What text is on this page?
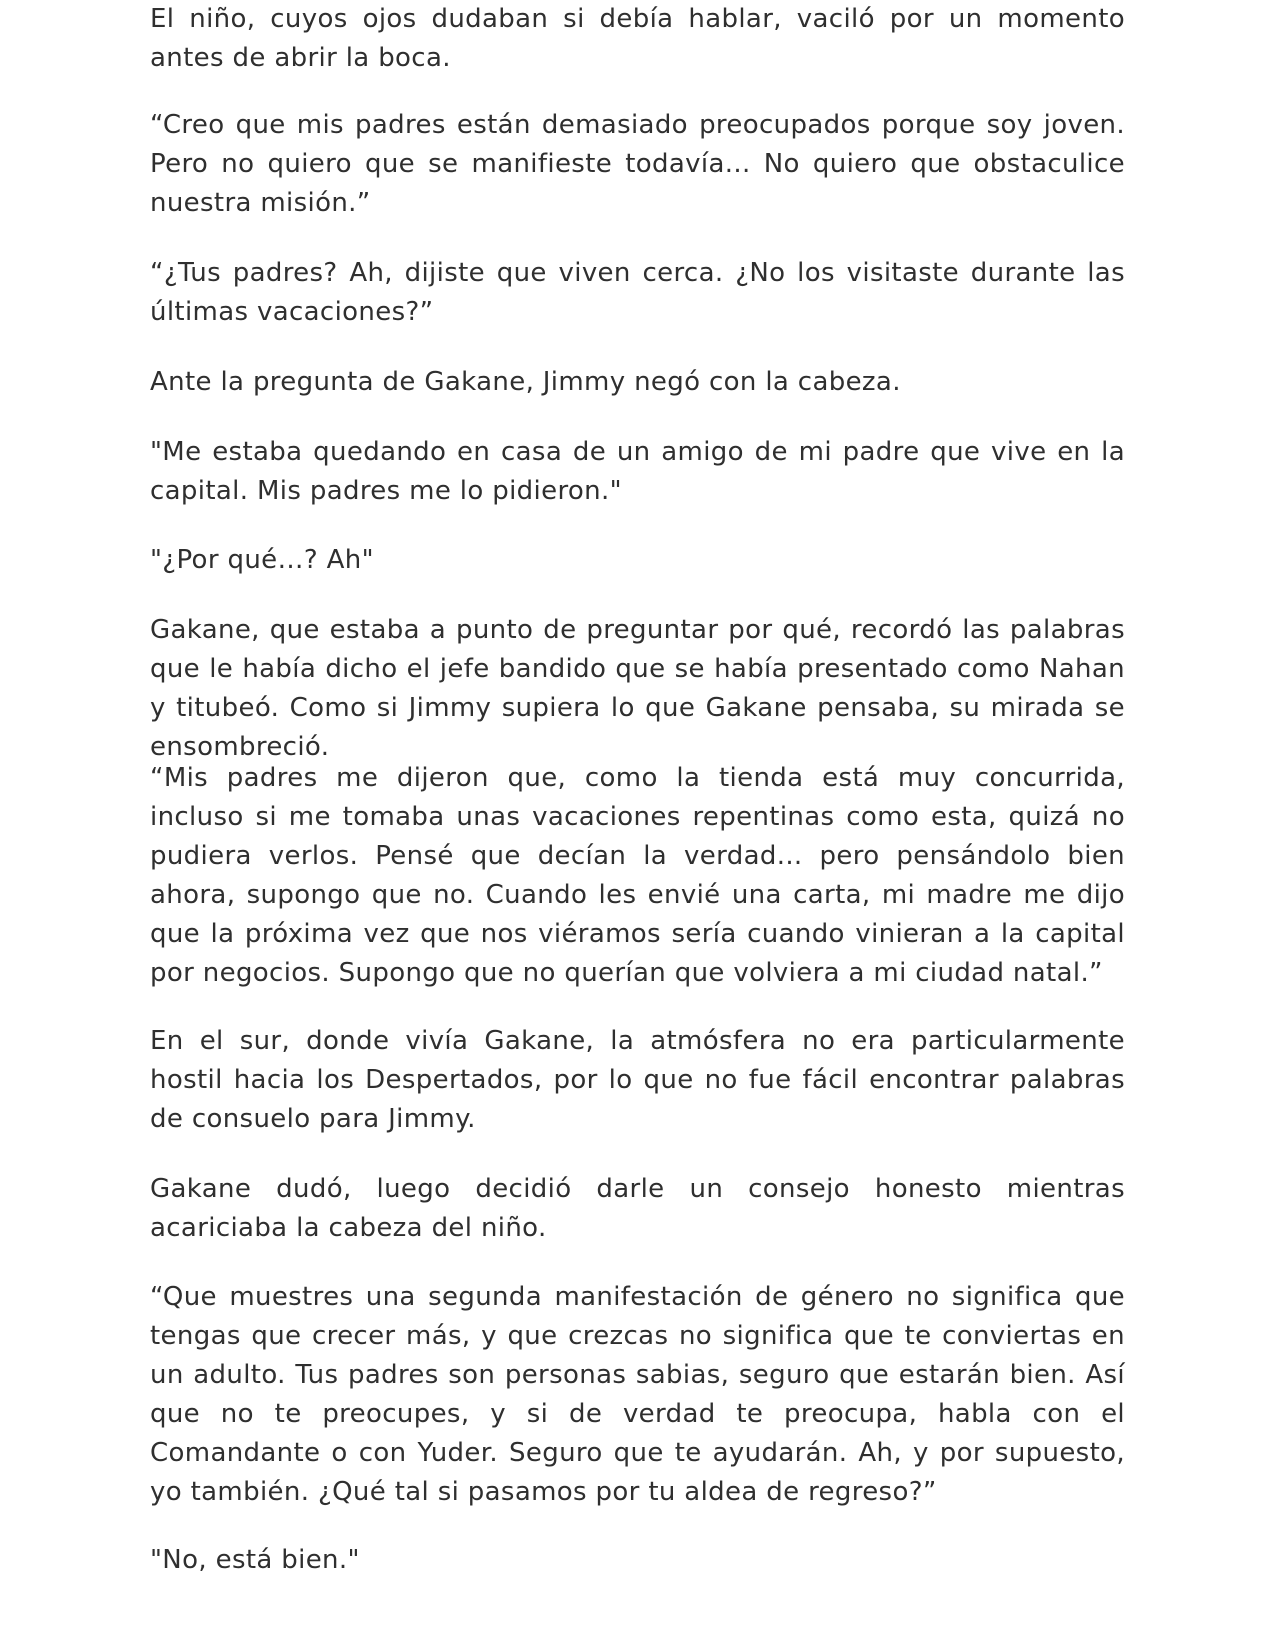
El niño, cuyos ojos dudaban si debía hablar, vaciló por un momento antes de abrir la boca.

“Creo que mis padres están demasiado preocupados porque soy joven. Pero no quiero que se manifieste todavía... No quiero que obstaculice nuestra misión.”

“¿Tus padres? Ah, dijiste que viven cerca. ¿No los visitaste durante las últimas vacaciones?”

Ante la pregunta de Gakane, Jimmy negó con la cabeza.

"Me estaba quedando en casa de un amigo de mi padre que vive en la capital. Mis padres me lo pidieron."

"¿Por qué…? Ah"

Gakane, que estaba a punto de preguntar por qué, recordó las palabras que le había dicho el jefe bandido que se había presentado como Nahan y titubeó. Como si Jimmy supiera lo que Gakane pensaba, su mirada se ensombreció.

“Mis padres me dijeron que, como la tienda está muy concurrida, incluso si me tomaba unas vacaciones repentinas como esta, quizá no pudiera verlos. Pensé que decían la verdad... pero pensándolo bien ahora, supongo que no. Cuando les envié una carta, mi madre me dijo que la próxima vez que nos viéramos sería cuando vinieran a la capital por negocios. Supongo que no querían que volviera a mi ciudad natal.”

En el sur, donde vivía Gakane, la atmósfera no era particularmente hostil hacia los Despertados, por lo que no fue fácil encontrar palabras de consuelo para Jimmy.

Gakane dudó, luego decidió darle un consejo honesto mientras acariciaba la cabeza del niño.

“Que muestres una segunda manifestación de género no significa que tengas que crecer más, y que crezcas no significa que te conviertas en un adulto. Tus padres son personas sabias, seguro que estarán bien. Así que no te preocupes, y si de verdad te preocupa, habla con el Comandante o con Yuder. Seguro que te ayudarán. Ah, y por supuesto, yo también. ¿Qué tal si pasamos por tu aldea de regreso?”

"No, está bien."
